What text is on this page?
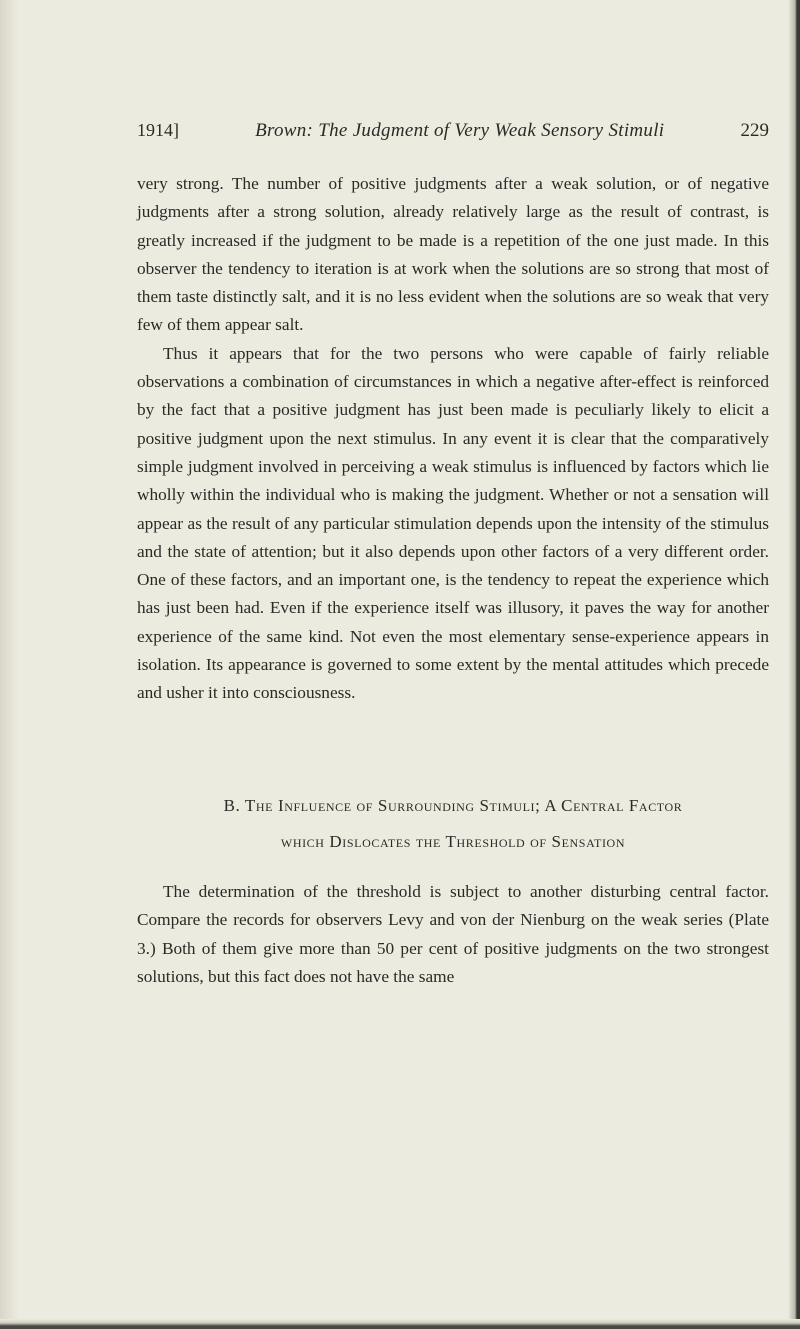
1914]	Brown: The Judgment of Very Weak Sensory Stimuli	229

very strong. The number of positive judgments after a weak solution, or of negative judgments after a strong solution, already relatively large as the result of contrast, is greatly increased if the judgment to be made is a repetition of the one just made. In this observer the tendency to iteration is at work when the solutions are so strong that most of them taste distinctly salt, and it is no less evident when the solutions are so weak that very few of them appear salt.

Thus it appears that for the two persons who were capable of fairly reliable observations a combination of circumstances in which a negative after-effect is reinforced by the fact that a positive judgment has just been made is peculiarly likely to elicit a positive judgment upon the next stimulus. In any event it is clear that the comparatively simple judgment involved in perceiving a weak stimulus is influenced by factors which lie wholly within the individual who is making the judgment. Whether or not a sensation will appear as the result of any particular stimulation depends upon the intensity of the stimulus and the state of attention; but it also depends upon other factors of a very different order. One of these factors, and an important one, is the tendency to repeat the experience which has just been had. Even if the experience itself was illusory, it paves the way for another experience of the same kind. Not even the most elementary sense-experience appears in isolation. Its appearance is governed to some extent by the mental attitudes which precede and usher it into consciousness.

B. The Influence of Surrounding Stimuli; A Central Factor
which Dislocates the Threshold of Sensation

The determination of the threshold is subject to another disturbing central factor. Compare the records for observers Levy and von der Nienburg on the weak series (Plate 3.) Both of them give more than 50 per cent of positive judgments on the two strongest solutions, but this fact does not have the same
